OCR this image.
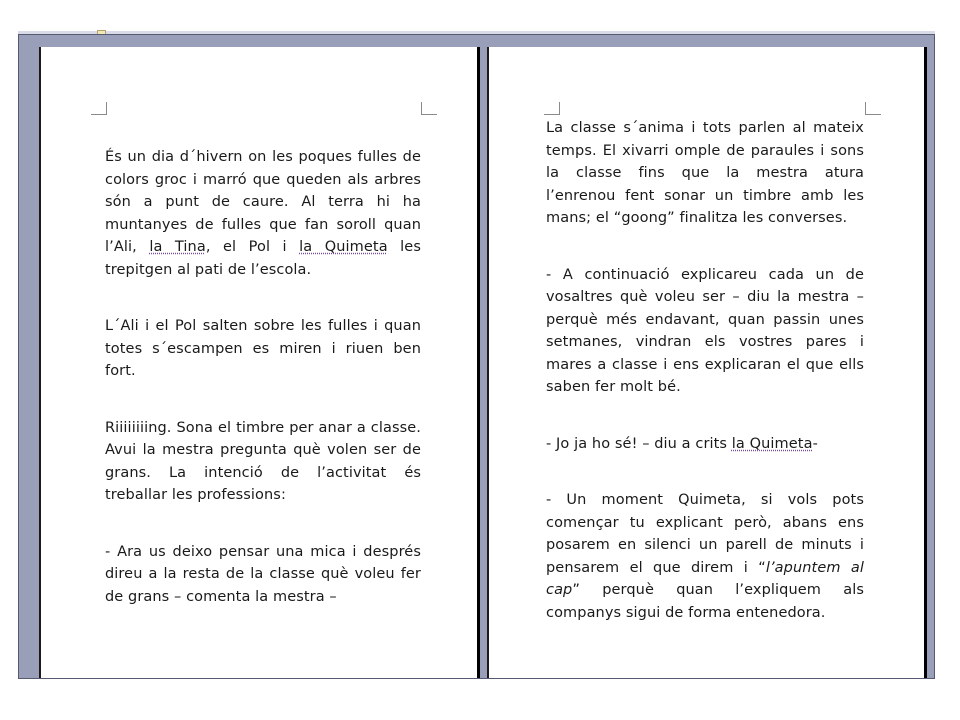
És un dia d´hivern on les poques fulles de colors groc i marró que queden als arbres són a punt de caure. Al terra hi ha muntanyes de fulles que fan soroll quan l’Ali, la Tina, el Pol i la Quimeta les trepitgen al pati de l’escola.

L´Ali i el Pol salten sobre les fulles i quan totes s´escampen es miren i riuen ben fort.

Riiiiiiiing. Sona el timbre per anar a classe. Avui la mestra pregunta què volen ser de grans. La intenció de l’activitat és treballar les professions:

- Ara us deixo pensar una mica i després direu a la resta de la classe què voleu fer de grans – comenta la mestra –

La classe s´anima i tots parlen al mateix temps. El xivarri omple de paraules i sons la classe fins que la mestra atura l’enrenou fent sonar un timbre amb les mans; el “goong” finalitza les converses.

- A continuació explicareu cada un de vosaltres què voleu ser – diu la mestra – perquè més endavant, quan passin unes setmanes, vindran els vostres pares i mares a classe i ens explicaran el que ells saben fer molt bé.

- Jo ja ho sé! – diu a crits la Quimeta-

- Un moment Quimeta, si vols pots començar tu explicant però, abans ens posarem en silenci un parell de minuts i pensarem el que direm i “l’apuntem al cap” perquè quan l’expliquem als companys sigui de forma entenedora.
